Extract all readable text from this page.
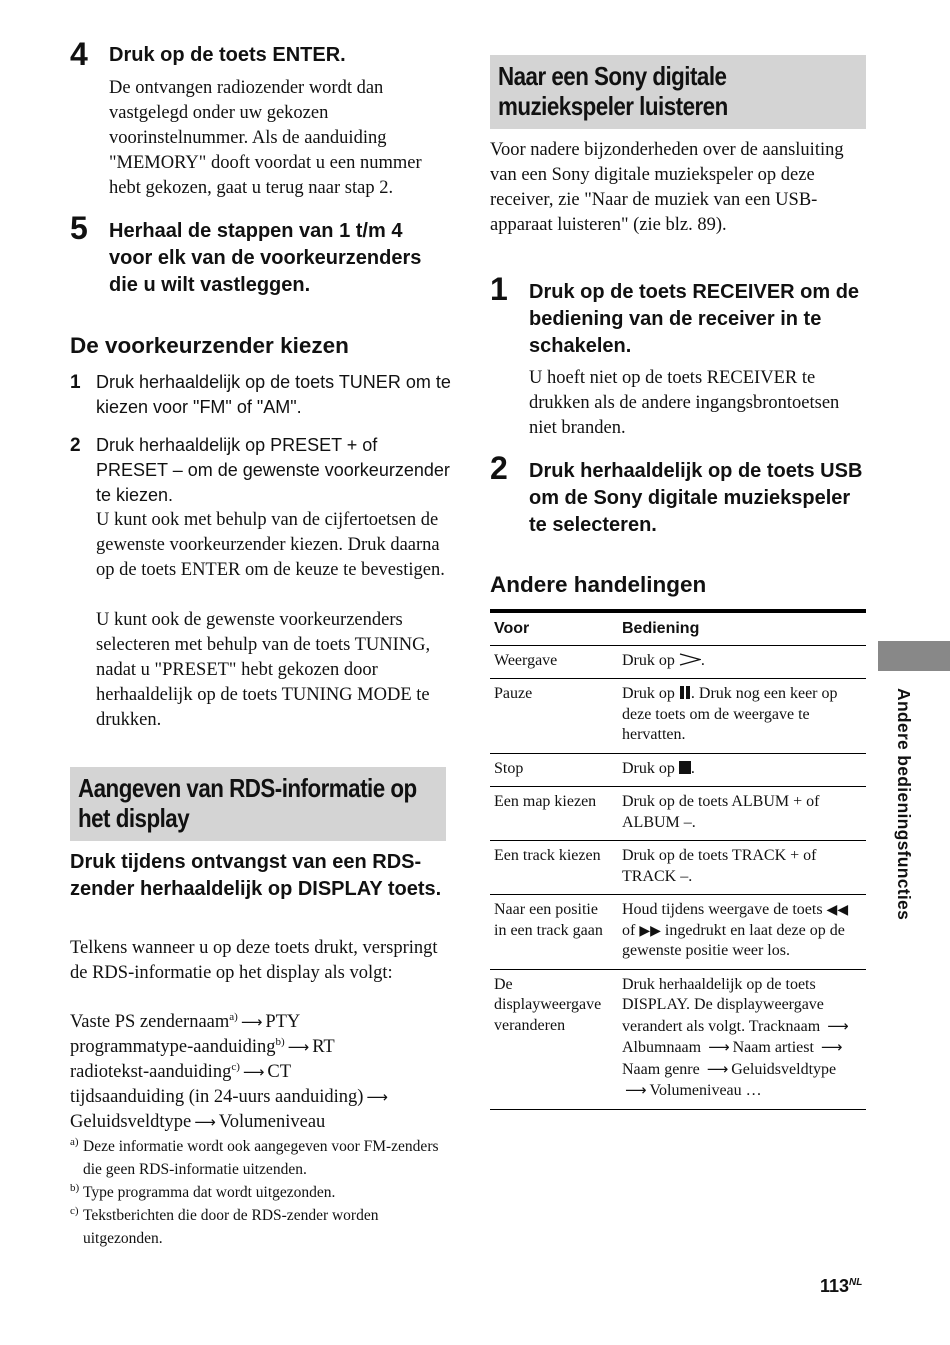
4 Druk op de toets ENTER.
De ontvangen radiozender wordt dan vastgelegd onder uw gekozen voorinstelnummer. Als de aanduiding "MEMORY" dooft voordat u een nummer hebt gekozen, gaat u terug naar stap 2.
5 Herhaal de stappen van 1 t/m 4 voor elk van de voorkeurzenders die u wilt vastleggen.
De voorkeurzender kiezen
1 Druk herhaaldelijk op de toets TUNER om te kiezen voor "FM" of "AM".
2 Druk herhaaldelijk op PRESET + of PRESET – om de gewenste voorkeurzender te kiezen.
U kunt ook met behulp van de cijfertoetsen de gewenste voorkeurzender kiezen. Druk daarna op de toets ENTER om de keuze te bevestigen.
U kunt ook de gewenste voorkeurzenders selecteren met behulp van de toets TUNING, nadat u "PRESET" hebt gekozen door herhaaldelijk op de toets TUNING MODE te drukken.
Aangeven van RDS-informatie op het display
Druk tijdens ontvangst van een RDS-zender herhaaldelijk op DISPLAY toets.
Telkens wanneer u op deze toets drukt, verspringt de RDS-informatie op het display als volgt:
Vaste PS zendernaam$^{a)}$ ⟶ PTY
programmatype-aanduiding$^{b)}$ ⟶ RT
radiotekst-aanduiding$^{c)}$ ⟶ CT
tijdsaanduiding (in 24-uurs aanduiding) ⟶
Geluidsveldtype ⟶ Volumeniveau
a) Deze informatie wordt ook aangegeven voor FM-zenders die geen RDS-informatie uitzenden.
b) Type programma dat wordt uitgezonden.
c) Tekstberichten die door de RDS-zender worden uitgezonden.
Naar een Sony digitale muziekspeler luisteren
Voor nadere bijzonderheden over de aansluiting van een Sony digitale muziekspeler op deze receiver, zie "Naar de muziek van een USB-apparaat luisteren" (zie blz. 89).
1 Druk op de toets RECEIVER om de bediening van de receiver in te schakelen.
U hoeft niet op de toets RECEIVER te drukken als de andere ingangsbrontoetsen niet branden.
2 Druk herhaaldelijk op de toets USB om de Sony digitale muziekspeler te selecteren.
Andere handelingen
Voor	Bediening
Weergave	Druk op .
Pauze	Druk op . Druk nog een keer op deze toets om de weergave te hervatten.
Stop	Druk op .
Een map kiezen	Druk op de toets ALBUM + of ALBUM –.
Een track kiezen	Druk op de toets TRACK + of TRACK –.
Naar een positie in een track gaan	Houd tijdens weergave de toets ◀◀ of ▶▶ ingedrukt en laat deze op de gewenste positie weer los.
De displayweergave veranderen	Druk herhaaldelijk op de toets DISPLAY. De displayweergave verandert als volgt. Tracknaam ⟶Albumnaam ⟶ Naam artiest ⟶Naam genre ⟶ Geluidsveldtype ⟶ Volumeniveau …
Andere bedieningsfuncties
$113^{NL}$
